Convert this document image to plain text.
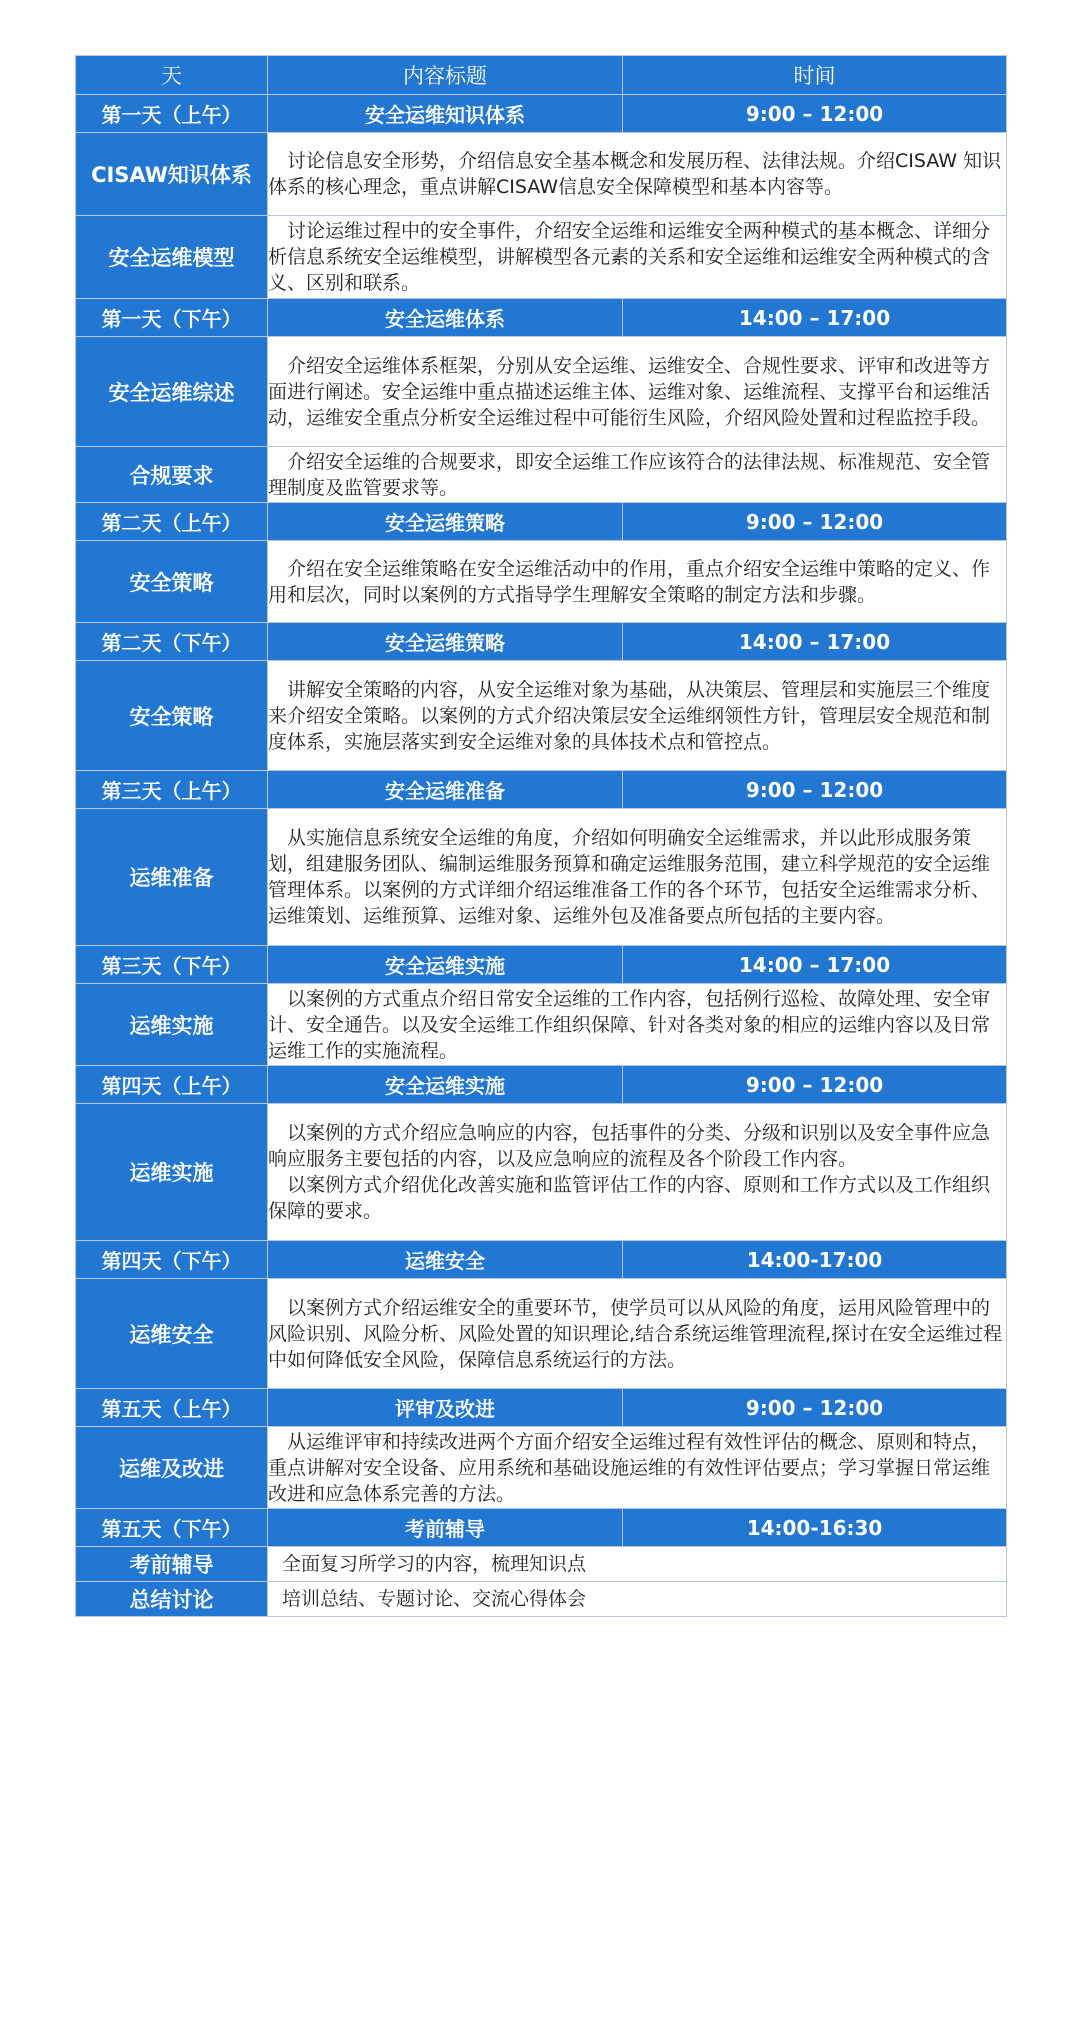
天	内容标题	时间
第一天（上午）	安全运维知识体系	9:00 – 12:00
CISAW知识体系	讨论信息安全形势，介绍信息安全基本概念和发展历程、法律法规。介绍CISAW 知识体系的核心理念，重点讲解CISAW信息安全保障模型和基本内容等。	

安全运维模型	讨论运维过程中的安全事件，介绍安全运维和运维安全两种模式的基本概念、详细分析信息系统安全运维模型，讲解模型各元素的关系和安全运维和运维安全两种模式的含义、区别和联系。	

第一天（下午）	安全运维体系	14:00 – 17:00
安全运维综述	介绍安全运维体系框架，分别从安全运维、运维安全、合规性要求、评审和改进等方面进行阐述。安全运维中重点描述运维主体、运维对象、运维流程、支撑平台和运维活动，运维安全重点分析安全运维过程中可能衍生风险，介绍风险处置和过程监控手段。	

合规要求	介绍安全运维的合规要求，即安全运维工作应该符合的法律法规、标准规范、安全管理制度及监管要求等。	

第二天（上午）	安全运维策略	9:00 – 12:00
安全策略	介绍在安全运维策略在安全运维活动中的作用，重点介绍安全运维中策略的定义、作用和层次，同时以案例的方式指导学生理解安全策略的制定方法和步骤。	

第二天（下午）	安全运维策略	14:00 – 17:00
安全策略	讲解安全策略的内容，从安全运维对象为基础，从决策层、管理层和实施层三个维度来介绍安全策略。以案例的方式介绍决策层安全运维纲领性方针，管理层安全规范和制度体系，实施层落实到安全运维对象的具体技术点和管控点。	

第三天（上午）	安全运维准备	9:00 – 12:00
运维准备	从实施信息系统安全运维的角度，介绍如何明确安全运维需求，并以此形成服务策划，组建服务团队、编制运维服务预算和确定运维服务范围，建立科学规范的安全运维管理体系。以案例的方式详细介绍运维准备工作的各个环节，包括安全运维需求分析、运维策划、运维预算、运维对象、运维外包及准备要点所包括的主要内容。	

第三天（下午）	安全运维实施	14:00 – 17:00
运维实施	以案例的方式重点介绍日常安全运维的工作内容，包括例行巡检、故障处理、安全审计、安全通告。以及安全运维工作组织保障、针对各类对象的相应的运维内容以及日常运维工作的实施流程。	

第四天（上午）	安全运维实施	9:00 – 12:00
运维实施	以案例的方式介绍应急响应的内容，包括事件的分类、分级和识别以及安全事件应急响应服务主要包括的内容，以及应急响应的流程及各个阶段工作内容。
以案例方式介绍优化改善实施和监管评估工作的内容、原则和工作方式以及工作组织保障的要求。	

第四天（下午）	运维安全	14:00-17:00
运维安全	以案例方式介绍运维安全的重要环节，使学员可以从风险的角度，运用风险管理中的风险识别、风险分析、风险处置的知识理论,结合系统运维管理流程,探讨在安全运维过程中如何降低安全风险，保障信息系统运行的方法。	

第五天（上午）	评审及改进	9:00 – 12:00
运维及改进	从运维评审和持续改进两个方面介绍安全运维过程有效性评估的概念、原则和特点，重点讲解对安全设备、应用系统和基础设施运维的有效性评估要点；学习掌握日常运维改进和应急体系完善的方法。	

第五天（下午）	考前辅导	14:00-16:30
考前辅导	全面复习所学习的内容，梳理知识点	

总结讨论	培训总结、专题讨论、交流心得体会	
